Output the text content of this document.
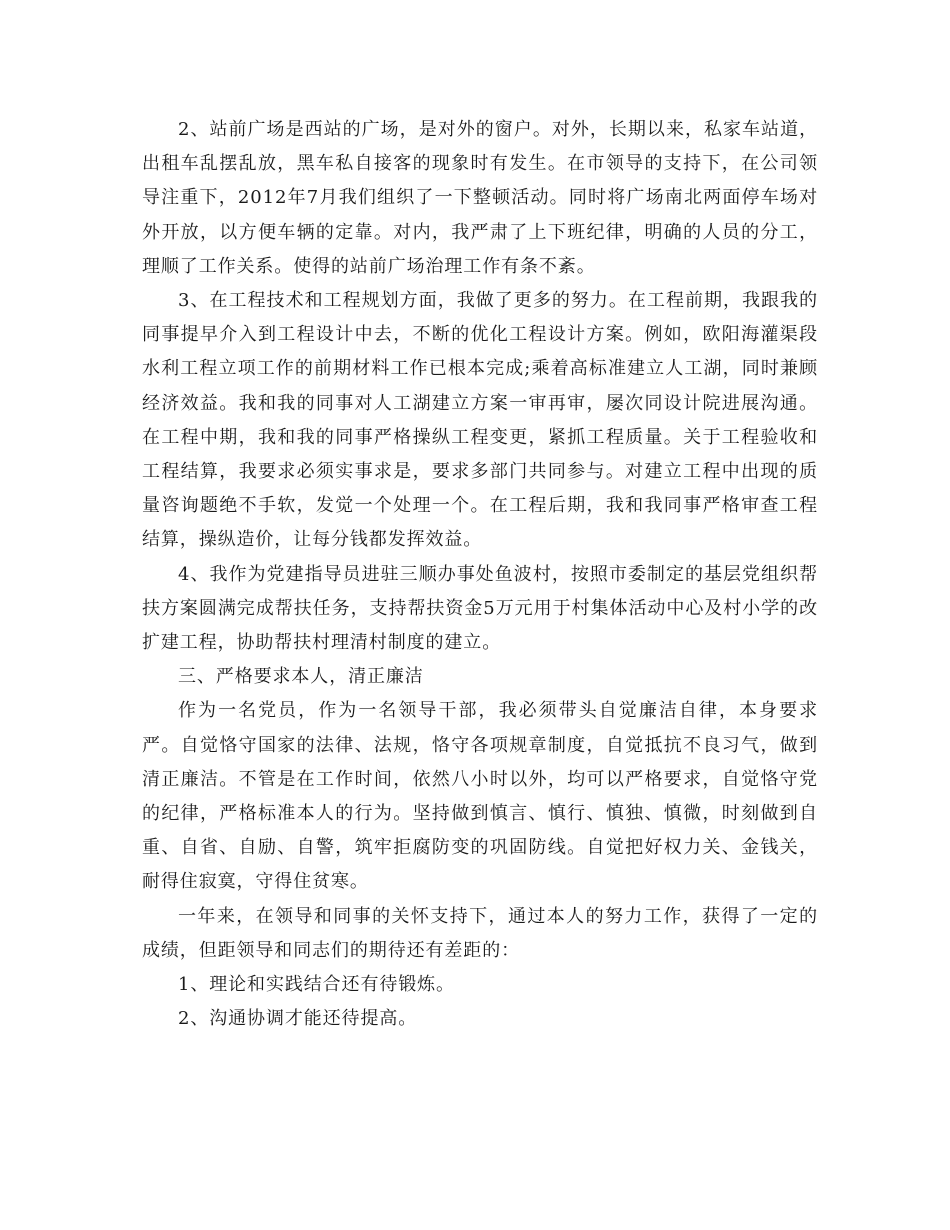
2、站前广场是西站的广场，是对外的窗户。对外，长期以来，私家车站道，出租车乱摆乱放，黑车私自接客的现象时有发生。在市领导的支持下，在公司领导注重下，2012年7月我们组织了一下整顿活动。同时将广场南北两面停车场对外开放，以方便车辆的定靠。对内，我严肃了上下班纪律，明确的人员的分工，理顺了工作关系。使得的站前广场治理工作有条不紊。

3、在工程技术和工程规划方面，我做了更多的努力。在工程前期，我跟我的同事提早介入到工程设计中去，不断的优化工程设计方案。例如，欧阳海灌渠段水利工程立项工作的前期材料工作已根本完成;乘着高标准建立人工湖，同时兼顾经济效益。我和我的同事对人工湖建立方案一审再审，屡次同设计院进展沟通。在工程中期，我和我的同事严格操纵工程变更，紧抓工程质量。关于工程验收和工程结算，我要求必须实事求是，要求多部门共同参与。对建立工程中出现的质量咨询题绝不手软，发觉一个处理一个。在工程后期，我和我同事严格审查工程结算，操纵造价，让每分钱都发挥效益。

4、我作为党建指导员进驻三顺办事处鱼波村，按照市委制定的基层党组织帮扶方案圆满完成帮扶任务，支持帮扶资金5万元用于村集体活动中心及村小学的改扩建工程，协助帮扶村理清村制度的建立。

三、严格要求本人，清正廉洁

作为一名党员，作为一名领导干部，我必须带头自觉廉洁自律，本身要求严。自觉恪守国家的法律、法规，恪守各项规章制度，自觉抵抗不良习气，做到清正廉洁。不管是在工作时间，依然八小时以外，均可以严格要求，自觉恪守党的纪律，严格标准本人的行为。坚持做到慎言、慎行、慎独、慎微，时刻做到自重、自省、自励、自警，筑牢拒腐防变的巩固防线。自觉把好权力关、金钱关，耐得住寂寞，守得住贫寒。

一年来，在领导和同事的关怀支持下，通过本人的努力工作，获得了一定的成绩，但距领导和同志们的期待还有差距的：

1、理论和实践结合还有待锻炼。

2、沟通协调才能还待提高。
